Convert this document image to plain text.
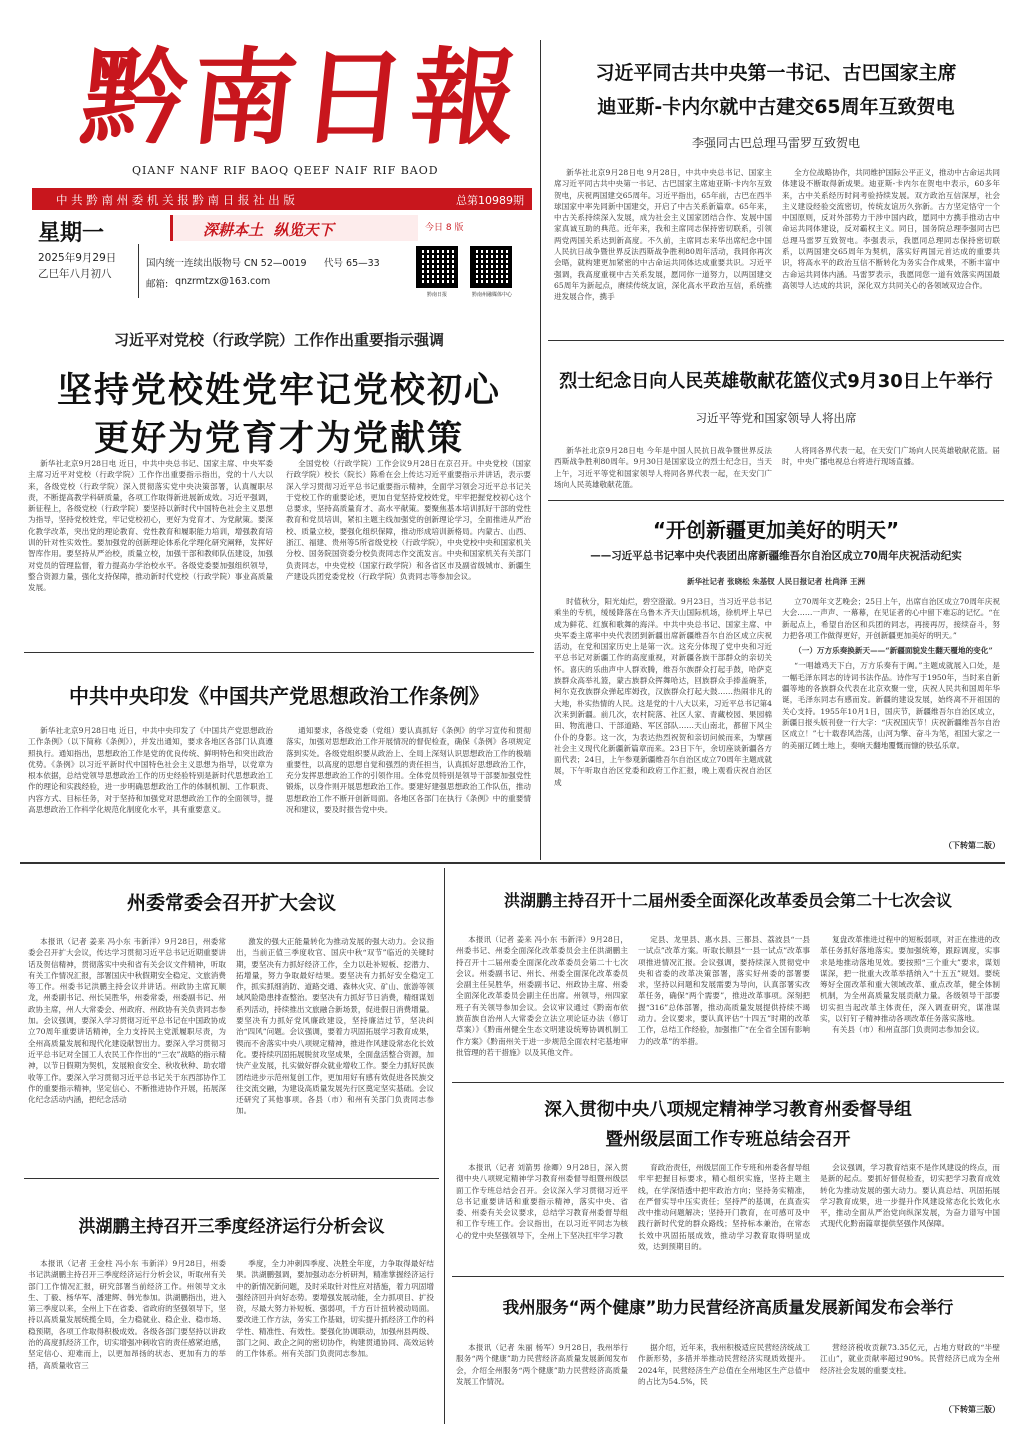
黔南日報
QIANF NANF RIF BAOQ QEEF NAIF RIF BAOD
中 共 黔 南 州 委 机 关 报 黔 南 日 报 社 出 版	总第10989期
星期一	深耕本土  纵览天下	今日 8 版
2025年9月29日
乙巳年八月初八
国内统一连续出版物号 CN 52—0019 代号 65—33
邮箱: qnzrmtzx@163.com
黔南日报	黔南州融媒体中心
习近平同古共中央第一书记、古巴国家主席
迪亚斯-卡内尔就中古建交65周年互致贺电
李强同古巴总理马雷罗互致贺电

新华社北京9月28日电 9月28日，中共中央总书记、国家主席习近平同古共中央第一书记、古巴国家主席迪亚斯-卡内尔互致贺电，庆祝两国建交65周年。习近平指出，65年前，古巴在西半球国家中率先同新中国建交，开启了中古关系新篇章。65年来，中古关系持续深入发展，成为社会主义国家团结合作、发展中国家真诚互助的典范。近年来，我和主席同志保持密切联系，引领两党两国关系达到新高度。不久前，主席同志来华出席纪念中国人民抗日战争暨世界反法西斯战争胜利80周年活动，我同你再次会晤，就构建更加紧密的中古命运共同体达成重要共识。习近平强调，我高度重视中古关系发展，愿同你一道努力，以两国建交65周年为新起点，赓续传统友谊，深化高水平政治互信，系统推进发展合作，携手

全方位战略协作，共同维护国际公平正义，推动中古命运共同体建设不断取得新成果。迪亚斯-卡内尔在贺电中表示，60多年来，古中关系经历时间考验持续发展。双方政治互信深厚，社会主义建设经验交流密切，传统友谊历久弥新。古方坚定恪守一个中国原则，反对外部势力干涉中国内政，愿同中方携手推动古中命运共同体建设，反对霸权主义。同日，国务院总理李强同古巴总理马雷罗互致贺电。李强表示，我愿同总理同志保持密切联系，以两国建交65周年为契机，落实好两国元首达成的重要共识，将高水平的政治互信不断转化为务实合作成果，不断丰富中古命运共同体内涵。马雷罗表示，我愿同您一道有效落实两国最高领导人达成的共识，深化双方共同关心的各领域双边合作。

烈士纪念日向人民英雄敬献花篮仪式9月30日上午举行
习近平等党和国家领导人将出席

新华社北京9月28日电 今年是中国人民抗日战争暨世界反法西斯战争胜利80周年。9月30日是国家设立的烈士纪念日，当天上午，习近平等党和国家领导人将同各界代表一起，在天安门广场向人民英雄敬献花篮。

人将同各界代表一起，在天安门广场向人民英雄敬献花篮。届时，中央广播电视总台将进行现场直播。

“开创新疆更加美好的明天”
——习近平总书记率中央代表团出席新疆维吾尔自治区成立70周年庆祝活动纪实
新华社记者 张晓松 朱基钗 人民日报记者 杜尚泽 王洲

时值秋分，阳光灿烂，碧空澄澈。9月23日，当习近平总书记乘坐的专机，缓缓降落在乌鲁木齐天山国际机场，徐机坪上早已成为鲜花、红旗和歌舞的海洋。中共中央总书记、国家主席、中央军委主席率中央代表团到新疆出席新疆维吾尔自治区成立庆祝活动，在党和国家历史上是第一次。这充分体现了党中央和习近平总书记对新疆工作的高度重视，对新疆各族干部群众的亲切关怀。喜庆的乐曲声中人群欢腾，维吾尔族群众打起手鼓，哈萨克族群众高举礼篮，蒙古族群众挥舞哈达，回族群众手捧盖碗茶，柯尔克孜族群众弹起库姆孜，汉族群众打起大鼓……热闹非凡的大地，朴实热情的人民。这是党的十八大以来，习近平总书记第4次来到新疆。前几次，农村院落、社区人家、青藏校园、果园棉田、物流港口、干部道路、军区部队……天山南北，都留下风尘仆仆的身影。这一次，为表达热烈祝贺和亲切问候而来，为擘画社会主义现代化新疆新篇章而来。23日下午，余切座谈新疆各方面代表；24日，上午参观新疆维吾尔自治区成立70周年主题成就展，下午听取自治区党委和政府工作汇报，晚上观看庆祝自治区成

立70周年文艺晚会；25日上午，出席自治区成立70周年庆祝大会……一声声、一幕幕，在见证者的心中留下难忘的记忆。“在新起点上，希望自治区和兵团的同志，再接再厉，接续奋斗，努力把各项工作做得更好，开创新疆更加美好的明天。”

（一）万方乐奏换新天——“新疆面貌发生翻天覆地的变化”

“一唱雄鸡天下白，万方乐奏有于阗。”主题成就展入口处，是一幅毛泽东同志的诗词书法作品。诗作写于1950年，当时来自新疆等地的各族群众代表在北京欢聚一堂，庆祝人民共和国周年华诞，毛泽东同志有感而发。新疆的建设发展，始终离不开祖国的关心支持。1955年10月1日，国庆节，新疆维吾尔自治区成立，新疆日报头版刊登一行大字：“庆祝国庆节！庆祝新疆维吾尔自治区成立！”七十载春风浩荡，山河为擎、奋斗为笔，祖国大家之一的美丽辽阔土地上，奏响天翻地覆慨而慷的铁弘乐章。

（下转第二版）
习近平对党校（行政学院）工作作出重要指示强调
坚持党校姓党牢记党校初心
更好为党育才为党献策

新华社北京9月28日电 近日，中共中央总书记、国家主席、中央军委主席习近平对党校（行政学院）工作作出重要指示指出，党的十八大以来，各级党校（行政学院）深入贯彻落实党中央决策部署，认真履职尽责，不断提高教学科研质量，各项工作取得新进展新成效。习近平强调，新征程上，各级党校（行政学院）要坚持以新时代中国特色社会主义思想为指导，坚持党校姓党，牢记党校初心，更好为党育才、为党献策。要深化教学改革，突出党的理论教育、党性教育和履职能力培训，增强教育培训的针对性实效性。要加强党的创新理论体系化学理化研究阐释，发挥好智库作用。要坚持从严治校，质量立校，加强干部和教师队伍建设，加强对党员的管理监督，着力提高办学治校水平。各级党委要加强组织领导，整合资源力量，强化支持保障，推动新时代党校（行政学院）事业高质量发展。

全国党校（行政学院）工作会议9月28日在京召开。中央党校（国家行政学院）校长（院长）陈希在会上传达习近平重要指示并讲话，表示要深入学习贯彻习近平总书记重要指示精神，全面学习领会习近平总书记关于党校工作的重要论述，更加自觉坚持党校姓党，牢牢把握党校初心这个总要求，坚持高质量育才、高水平献策。要聚焦基本培训抓好干部的党性教育和党员培训，紧扣主题主线加强党的创新理论学习，全面推进从严治校、质量立校，要强化组织保障，推动形成培训新格局。内蒙古、山西、浙江、福建、贵州等5所省级党校（行政学院），中央党校中央和国家机关分校、国务院国资委分校负责同志作交流发言。中央和国家机关有关部门负责同志，中央党校（国家行政学院）和各省区市及副省级城市、新疆生产建设兵团党委党校（行政学院）负责同志等参加会议。

中共中央印发《中国共产党思想政治工作条例》

新华社北京9月28日电 近日，中共中央印发了《中国共产党思想政治工作条例》（以下简称《条例》），并发出通知，要求各地区各部门认真遵照执行。通知指出，思想政治工作是党的优良传统、鲜明特色和突出政治优势。《条例》以习近平新时代中国特色社会主义思想为指导，以党章为根本依据，总结党领导思想政治工作的历史经验特别是新时代思想政治工作的理论和实践经验，进一步明确思想政治工作的体制机制、工作职责、内容方式、目标任务，对于坚持和加强党对思想政治工作的全面领导，提高思想政治工作科学化规范化制度化水平，具有重要意义。

通知要求，各级党委（党组）要认真抓好《条例》的学习宣传和贯彻落实，加强对思想政治工作开展情况的督促检查，确保《条例》各项规定落到实处。各级党组织要从政治上、全局上深刻认识思想政治工作的极端重要性，以高度的思想自觉和强烈的责任担当，认真抓好思想政治工作，充分发挥思想政治工作的引领作用。全体党员特别是领导干部要加强党性锻炼，以身作则开展思想政治工作。要建好建强思想政治工作队伍，推动思想政治工作不断开创新局面。各地区各部门在执行《条例》中的重要情况和建议，要及时报告党中央。

州委常委会召开扩大会议

本报讯（记者 姜来 冯小东 韦新洋）9月28日，州委常委会召开扩大会议，传达学习贯彻习近平总书记近期重要讲话及贺信精神，贯彻落实中央和省有关会议文件精神，听取有关工作情况汇报，部署国庆中秋假期安全稳定、文旅消费等工作。州委书记洪鹏主持会议并讲话。州政协主席瓦顺龙，州委副书记、州长吴胜华，州委常委，州委副书记、州政协主席，州人大常委会、州政府、州政协有关负责同志参加。会议强调，要深入学习贯彻习近平总书记在中国政协成立70周年重要讲话精神，全力支持民主党派履职尽责，为全州高质量发展和现代化建设献智出力。要深入学习贯彻习近平总书记对全国工人农民工作作出的“三农”战略的指示精神，以节日假期为契机，发展粮食安全、秋收秋种、助农增收等工作。要深入学习贯彻习近平总书记关于东西部协作工作的重要指示精神，坚定信心、不断推进协作开展，拓展深化纪念活动内涵，把纪念活动

激发的强大正能量转化为推动发展的强大动力。会议指出，当前正值三季度收官、国庆中秋“双节”临近的关键时期，要坚决有力抓好经济工作，全力以赴补短板、挖潜力、拓增量，努力争取最好结果。要坚决有力抓好安全稳定工作，抓实抓细消防、道路交通、森林火灾、矿山、旅游等领域风险隐患排查整治。要坚决有力抓好节日消费，精细谋划系列活动，持续推出文旅融合新场景，促进假日消费增量。要坚决有力抓好党风廉政建设，坚持廉洁过节，坚决纠治“四风”问题。会议强调，要着力巩固拓展学习教育成果，锲而不舍落实中央八项规定精神，推进作风建设常态化长效化。要持续巩固拓展脱贫攻坚成果，全面盘活整合资源，加快产业发展，扎实做好群众就业增收工作。要全力抓好民族团结进步示范州复创工作，更加用好有感有效促进各民族交往交流交融，为建设高质量发展先行区奠定坚实基础。会议还研究了其他事项。各县（市）和州有关部门负责同志参加。

洪湖鹏主持召开十二届州委全面深化改革委员会第二十七次会议

本报讯（记者 姜来 冯小东 韦新洋）9月28日，州委书记、州委全面深化改革委员会主任洪湖鹏主持召开十二届州委全面深化改革委员会第二十七次会议。州委副书记、州长、州委全面深化改革委员会副主任吴胜华，州委副书记、州政协主席、州委全面深化改革委员会副主任出席。州领导，州四家班子有关领导参加会议。会议审议通过《黔南布依族苗族自治州人大常委会立法立项论证办法（修订草案）》《黔南州健全生态文明建设统筹协调机制工作方案》《黔南州关于进一步规范全面农村宅基地审批管理的若干措施》以及其他文件。

定县、龙里县、惠水县、三都县、荔波县“一县一试点”改革方案。听取长顺县“一县一试点”改革事项推进情况汇报。会议强调，要持续深入贯彻党中央和省委的改革决策部署，落实好州委的部署要求，坚持以问题和发展需要为导向，认真部署实改革任务，确保“两个需要”，推进改革事项。深刻把握“316”总体部署，推动高质量发展提供持续不竭动力。会议要求，要认真评估“十四五”时期的改革工作，总结工作经验，加强推广“在全省全国有影响力的改革”的举措。

复盘改革推进过程中的短板弱项，对正在推进的改革任务抓好落地落实。要加强统筹，跟踪调度，实事求是地推动落地见效。要按照“三个重大”要求，谋划谋深，把一批重大改革举措纳入“十五五”规划。要统筹好全面改革和重大领域改革、重点改革，健全体制机制，为全州高质量发展贡献力量。各级领导干部要切实担当起改革主体责任，深入调查研究，谋准谋实，以钉钉子精神推动各项改革任务落实落地。

有关县（市）和州直部门负责同志参加会议。

深入贯彻中央八项规定精神学习教育州委督导组
暨州级层面工作专班总结会召开

本报讯（记者 刘箭男 徐卿）9月28日，深入贯彻中央八项规定精神学习教育州委督导组暨州级层面工作专班总结会召开。会议深入学习贯彻习近平总书记重要讲话和重要指示精神，落实中央、省委、州委有关会议要求，总结学习教育州委督导组和工作专班工作。会议指出，在以习近平同志为核心的党中央坚强领导下，全州上下坚决扛牢学习教

育政治责任，州级层面工作专班和州委各督导组牢牢把握目标要求，精心组织实施，坚持主题主线，在学深悟透中把牢政治方向；坚持务实精准，在严督实导中压实责任；坚持严的基调，在真查实改中推动问题解决；坚持开门教育，在可感可及中践行新时代党的群众路线；坚持标本兼治，在常态长效中巩固拓展成效，推动学习教育取得明显成效，达到预期目的。

会议强调，学习教育结束不是作风建设的终点，而是新的起点。要抓好督促检查，切实把学习教育成效转化为推动发展的强大动力。要认真总结、巩固拓展学习教育成果，进一步提升作风建设常态化长效化水平，推动全面从严治党向纵深发展，为奋力谱写中国式现代化黔南篇章提供坚强作风保障。

我州服务“两个健康”助力民营经济高质量发展新闻发布会举行

本报讯（记者 朱丽 杨军）9月28日，我州举行服务“两个健康”助力民营经济高质量发展新闻发布会，介绍全州服务“两个健康”助力民营经济高质量发展工作情况。

据介绍，近年来，我州积极适应民营经济统战工作新形势，多措并举推动民营经济实现质效提升。2024年，民营经济生产总值在全州地区生产总值中的占比为54.5%，民

营经济税收贡献73.35亿元，占地方财政的“半壁江山”，就业贡献率超过90%。民营经济已成为全州经济社会发展的重要支柱。

（下转第三版）
洪湖鹏主持召开三季度经济运行分析会议

本报讯（记者 王金柱 冯小东 韦新洋）9月28日，州委书记洪湖鹏主持召开三季度经济运行分析会议，听取州有关部门工作情况汇报，研究部署当前经济工作。州领导文永生、丁毅、杨华军、潘建辉、韩光参加。洪湖鹏指出，进入第三季度以来，全州上下在省委、省政府的坚强领导下，坚持以高质量发展统揽全局，全力稳就业、稳企业、稳市场、稳预期，各项工作取得积极成效。各级各部门要坚持以讲政治的高度抓经济工作，切实增强冲刺收官的责任感紧迫感，坚定信心、迎难而上，以更加昂扬的状态、更加有力的举措，高质量收官三

季度，全力冲刺四季度、决胜全年度，力争取得最好结果。洪湖鹏强调，要加强动态分析研判，精准掌握经济运行中的新情况新问题，及时采取针对性应对措施，着力巩固增强经济回升向好态势。要增强发展动能，全力抓项目、扩投资，尽最大努力补短板、强弱项，千方百计扭转被动局面。要改进工作方法，务实工作基础，切实提升抓经济工作的科学性、精准性、有效性。要强化协调联动，加强州县两级、部门之间、政企之间的密切协作，构建贯通协同、高效运转的工作体系。州有关部门负责同志参加。
